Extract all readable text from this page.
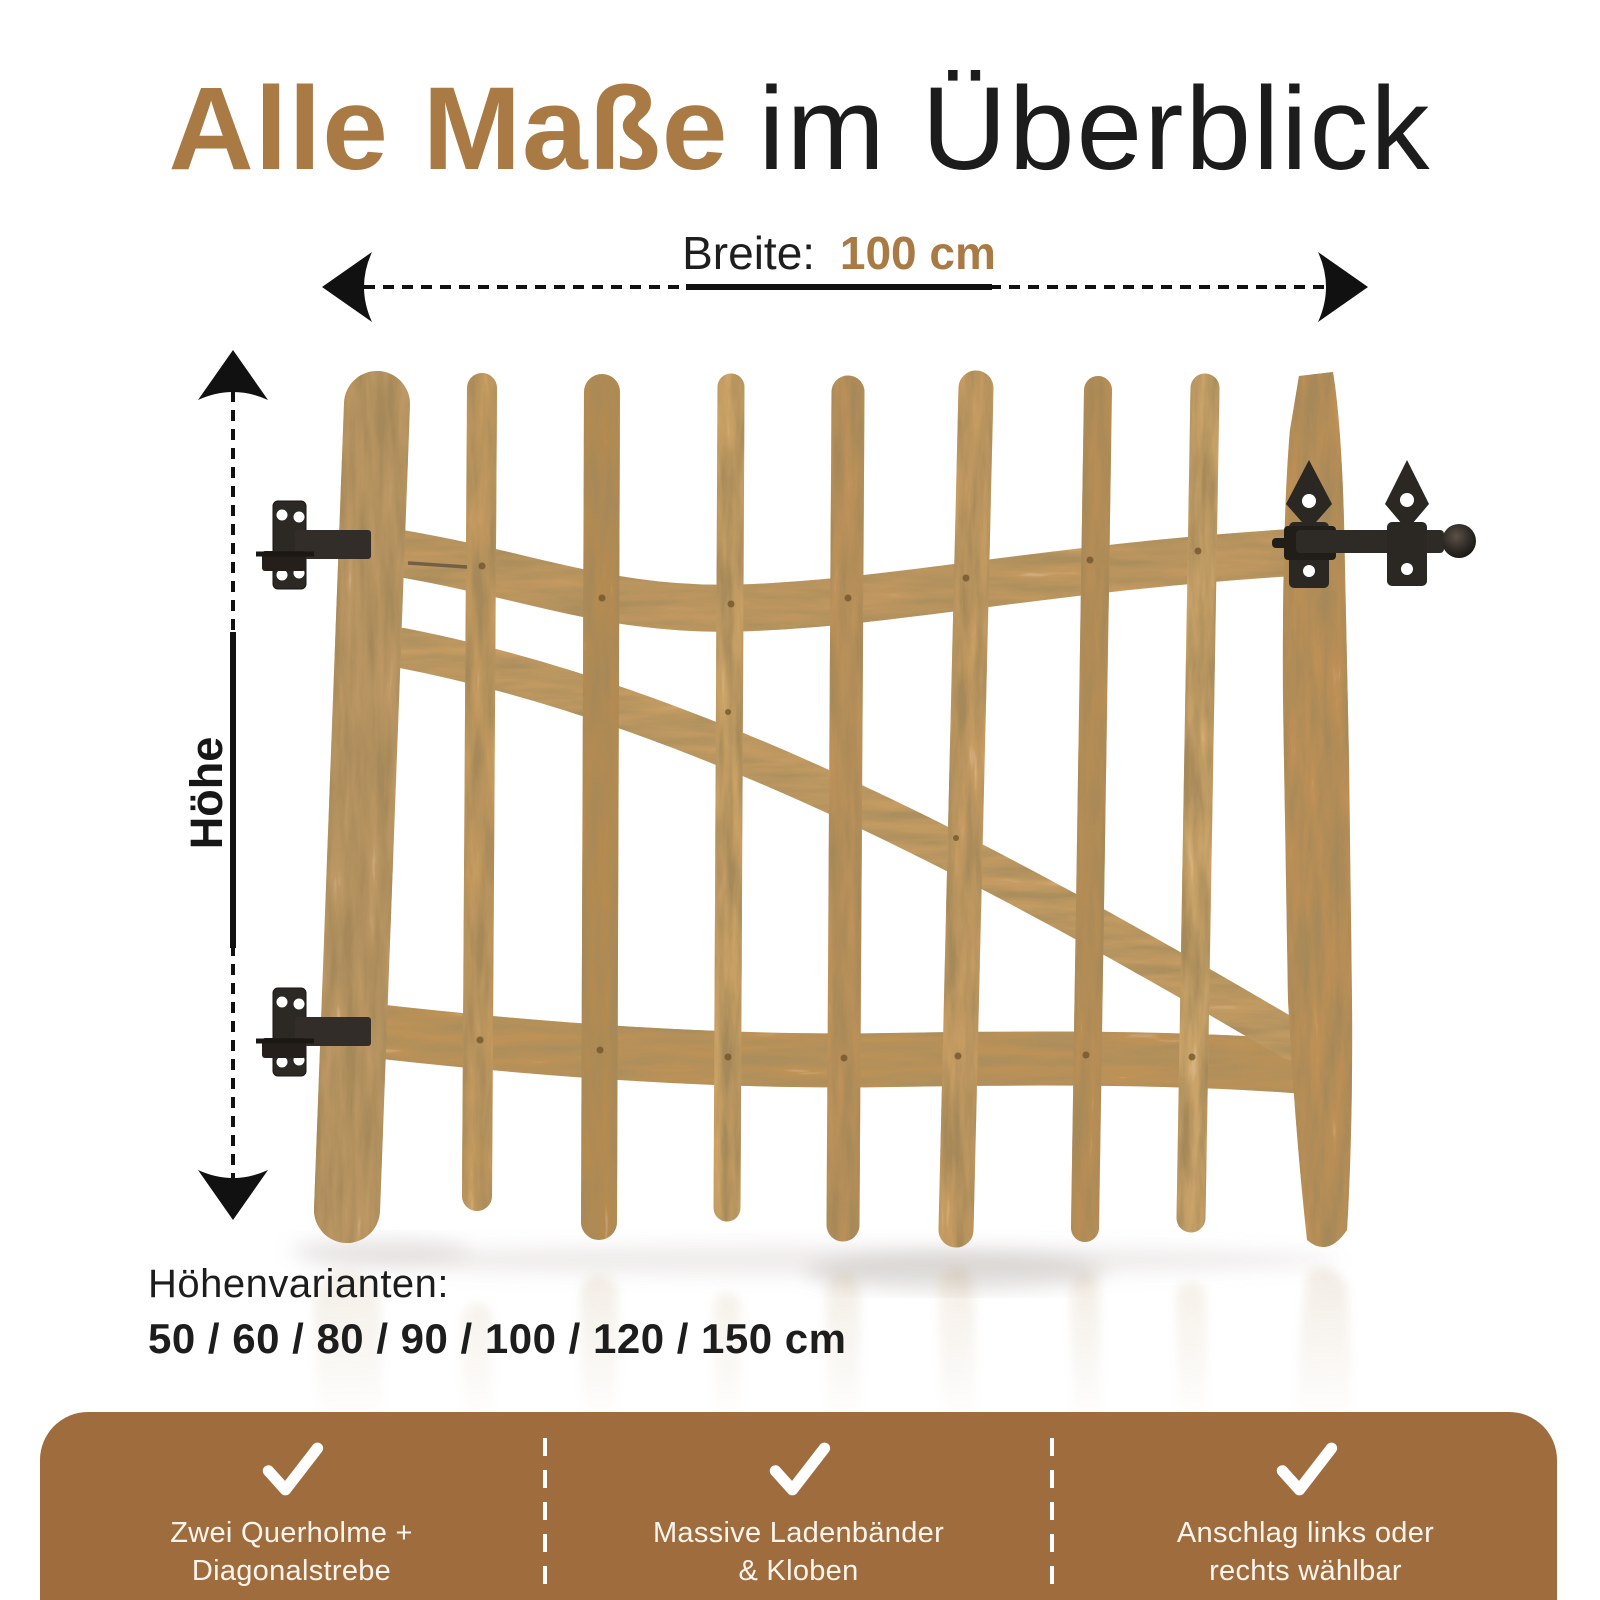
Alle Maße im Überblick
Breite: 100 cm
Höhe
Höhenvarianten:
50 / 60 / 80 / 90 / 100 / 120 / 150 cm
Zwei Querholme +
Diagonalstrebe
Massive Ladenbänder
& Kloben
Anschlag links oder
rechts wählbar
